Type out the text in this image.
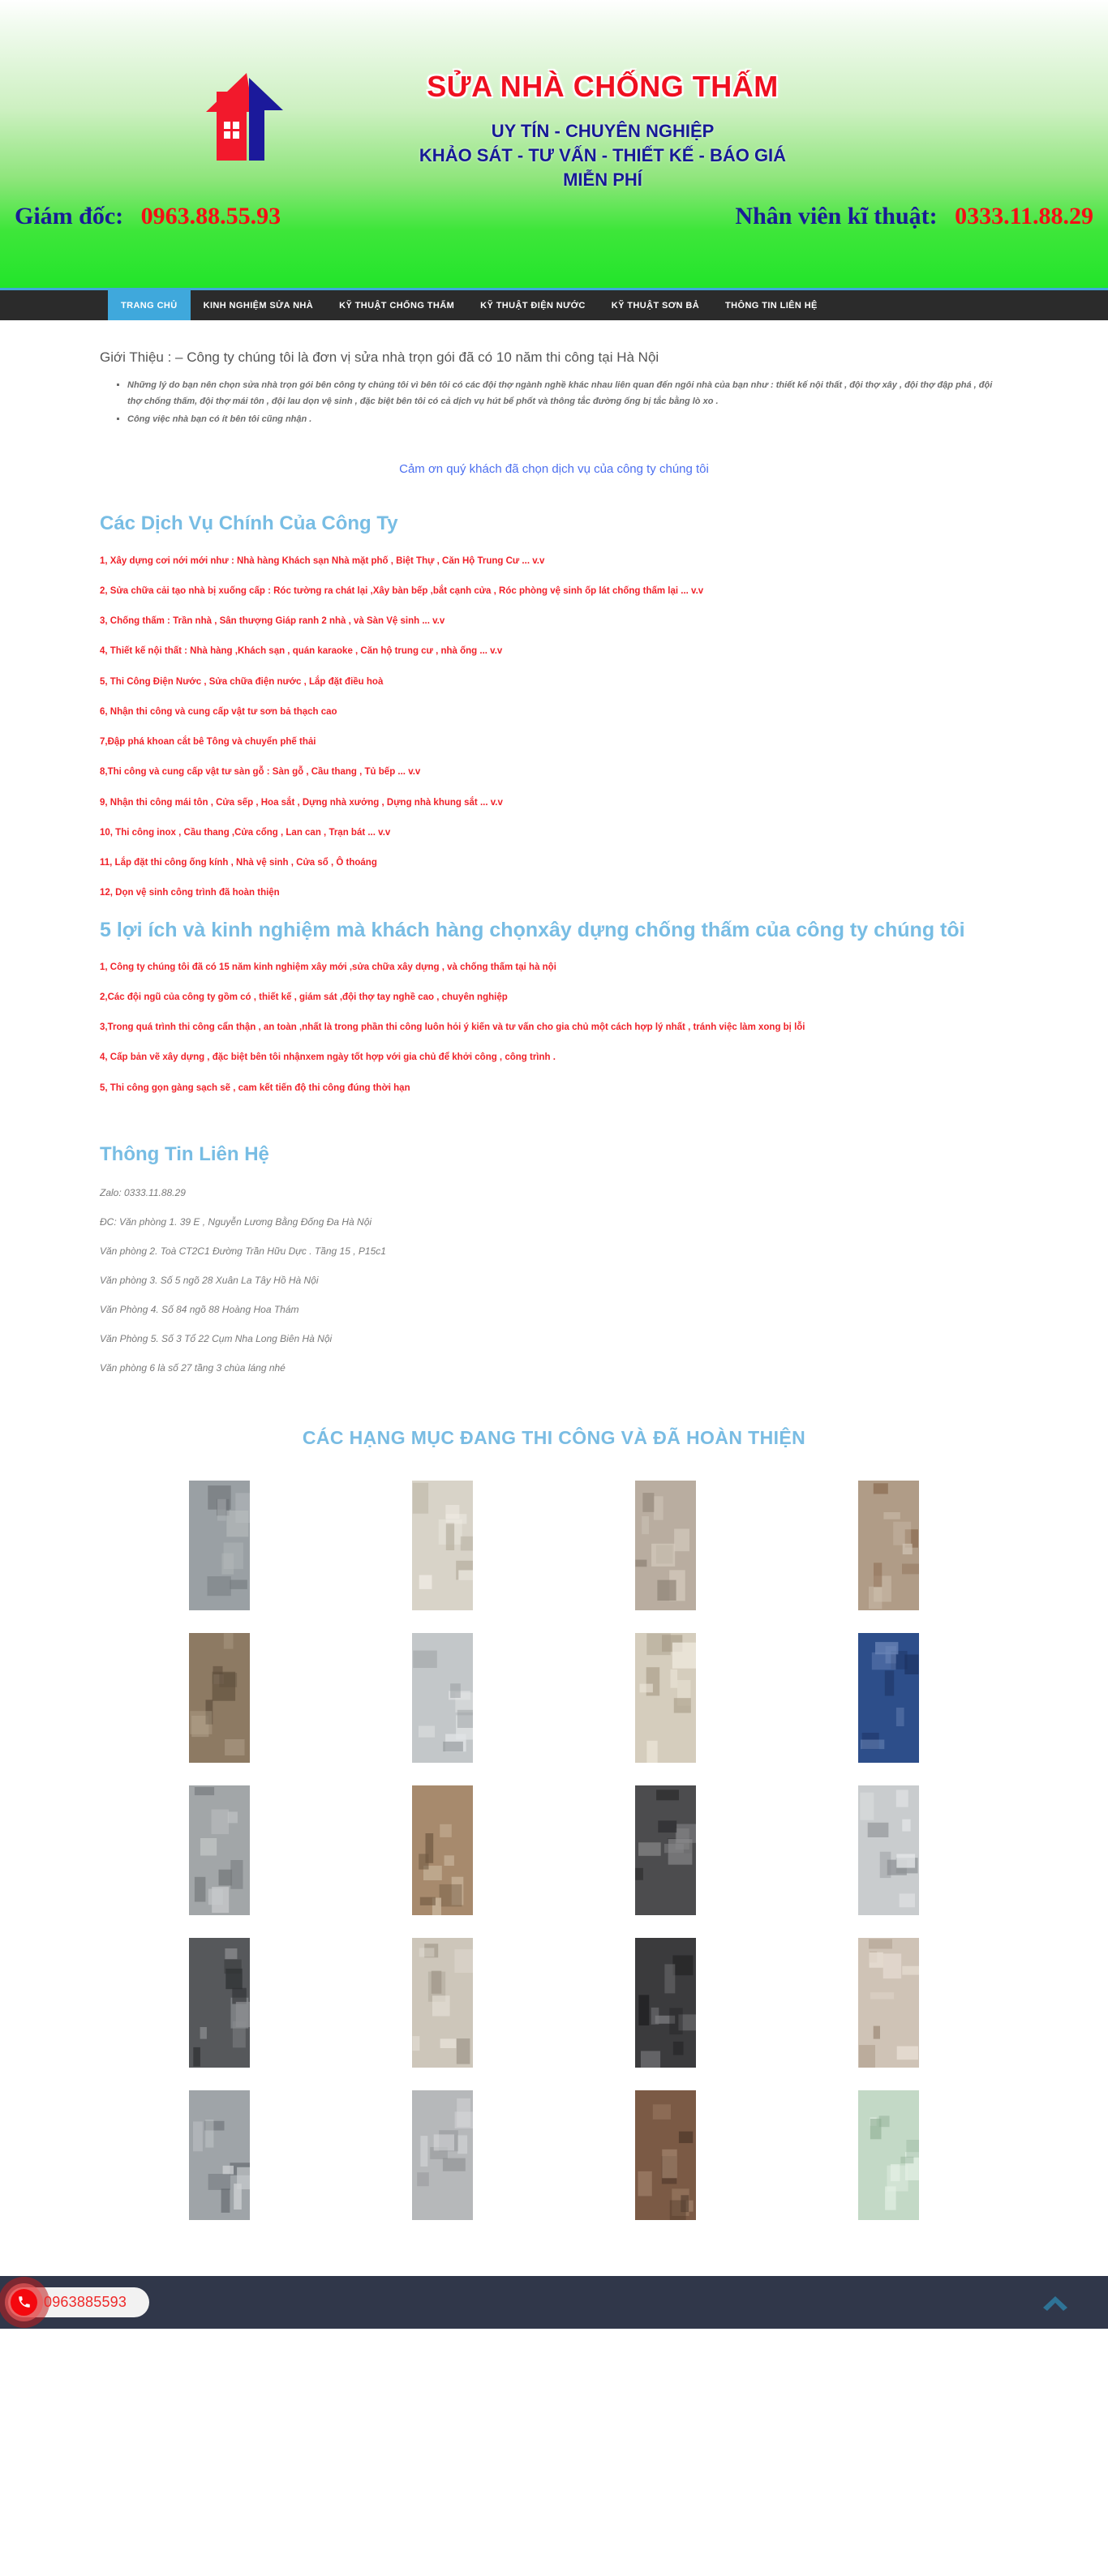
SỬA NHÀ CHỐNG THẤM
UY TÍN - CHUYÊN NGHIỆP
KHẢO SÁT - TƯ VẤN - THIẾT KẾ - BÁO GIÁ
MIỄN PHÍ
Giám đốc: 0963.88.55.93	Nhân viên kĩ thuật: 0333.11.88.29
TRANG CHỦ	KINH NGHIỆM SỬA NHÀ	KỸ THUẬT CHỐNG THẤM	KỸ THUẬT ĐIỆN NƯỚC	KỸ THUẬT SƠN BẢ	THÔNG TIN LIÊN HỆ
Giới Thiệu : – Công ty chúng tôi là đơn vị sửa nhà trọn gói đã có 10 năm thi công tại Hà Nội
▪ Những lý do bạn nên chọn sửa nhà trọn gói bên công ty chúng tôi vì bên tôi có các đội thợ ngành nghề khác nhau liên quan đến ngôi nhà của bạn như : thiết kế nội thất , đội thợ xây , đội thợ đập phá , đội thợ chống thấm, đội thợ mái tôn , đội lau dọn vệ sinh , đặc biệt bên tôi có cả dịch vụ hút bể phốt và thông tắc đường ống bị tắc bằng lò xo .
▪ Công việc nhà bạn có ít bên tôi cũng nhận .

Cảm ơn quý khách đã chọn dịch vụ của công ty chúng tôi

Các Dịch Vụ Chính Của Công Ty

1, Xây dựng cơi nới mới như : Nhà hàng Khách sạn Nhà mặt phố , Biệt Thự , Căn Hộ Trung Cư ... v.v

2, Sửa chữa cải tạo nhà bị xuống cấp : Róc tường ra chát lại ,Xây bàn bếp ,bắt cạnh cửa , Róc phòng vệ sinh ốp lát chống thấm lại ... v.v

3, Chống thấm : Trần nhà , Sân thượng Giáp ranh 2 nhà , và Sàn Vệ sinh ... v.v

4, Thiết kế nội thất : Nhà hàng ,Khách sạn , quán karaoke , Căn hộ trung cư , nhà ống ... v.v

5, Thi Công Điện Nước , Sửa chữa điện nước , Lắp đặt điều hoà

6, Nhận thi công và cung cấp vật tư sơn bả thạch cao

7,Đập phá khoan cắt bê Tông và chuyển phế thải

8,Thi công và cung cấp vật tư sàn gỗ : Sàn gỗ , Cầu thang , Tủ bếp ... v.v

9, Nhận thi công mái tôn , Cửa sếp , Hoa sắt , Dựng nhà xưởng , Dựng nhà khung sắt ... v.v

10, Thi công inox , Cầu thang ,Cửa cổng , Lan can , Trạn bát ... v.v

11, Lắp đặt thi công ống kính , Nhà vệ sinh , Cửa sổ , Ô thoáng

12, Dọn vệ sinh công trình đã hoàn thiện

5 lợi ích và kinh nghiệm mà khách hàng chọnxây dựng chống thấm của công ty chúng tôi

1, Công ty chúng tôi đã có 15 năm kinh nghiệm xây mới ,sửa chữa xây dựng , và chống thấm tại hà nội

2,Các đội ngũ của công ty gồm có , thiết kế , giám sát ,đội thợ tay nghề cao , chuyên nghiệp

3,Trong quá trình thi công cẩn thận , an toàn ,nhất là trong phần thi công luôn hỏi ý kiến và tư vấn cho gia chủ một cách hợp lý nhất , tránh việc làm xong bị lỗi

4, Cấp bản vẽ xây dựng , đặc biệt bên tôi nhậnxem ngày tốt hợp với gia chủ để khởi công , công trình .

5, Thi công gọn gàng sạch sẽ , cam kết tiến độ thi công đúng thời hạn

Thông Tin Liên Hệ

Zalo: 0333.11.88.29

ĐC: Văn phòng 1. 39 E , Nguyễn Lương Bằng Đống Đa Hà Nội

Văn phòng 2. Toà CT2C1 Đường Trần Hữu Dực . Tầng 15 , P15c1

Văn phòng 3. Số 5 ngõ 28 Xuân La Tây Hồ Hà Nội

Văn Phòng 4. Số 84 ngõ 88 Hoàng Hoa Thám

Văn Phòng 5. Số 3 Tổ 22 Cụm Nha Long Biên Hà Nội

Văn phòng 6 là số 27 tầng 3 chùa láng nhé

CÁC HẠNG MỤC ĐANG THI CÔNG VÀ ĐÃ HOÀN THIỆN
0963885593
